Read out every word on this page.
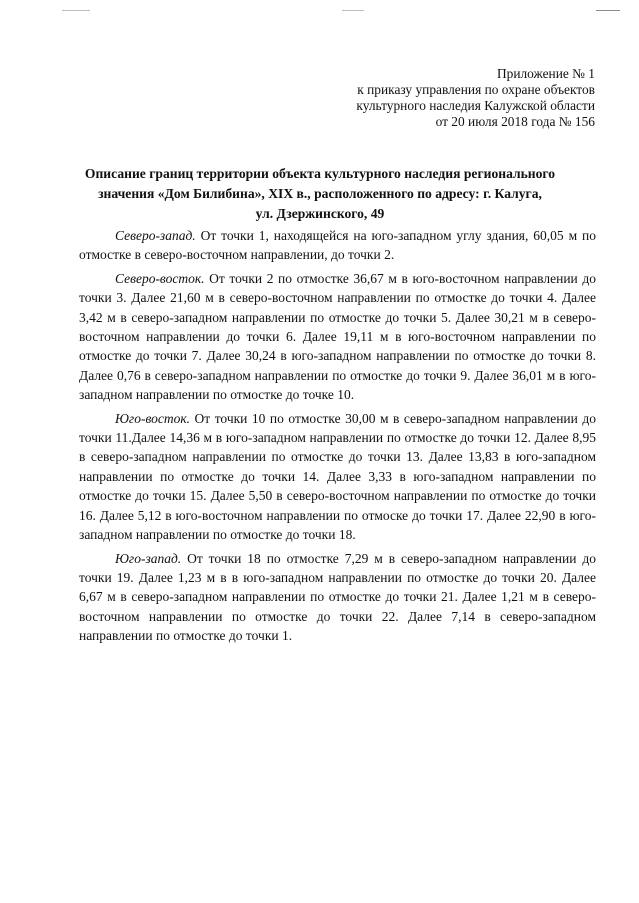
Приложение № 1
к приказу управления по охране объектов
культурного наследия Калужской области
от 20 июля 2018 года № 156
Описание границ территории объекта культурного наследия регионального
значения «Дом Билибина», XIX в., расположенного по адресу: г. Калуга,
ул. Дзержинского, 49

Северо-запад. От точки 1, находящейся на юго-западном углу здания, 60,05 м по отмостке в северо-восточном направлении, до точки 2.

Северо-восток. От точки 2 по отмостке 36,67 м в юго-восточном направлении до точки 3. Далее 21,60 м в северо-восточном направлении по отмостке до точки 4. Далее 3,42 м в северо-западном направлении по отмостке до точки 5. Далее 30,21 м в северо-восточном направлении до точки 6. Далее 19,11 м в юго-восточном направлении по отмостке до точки 7. Далее 30,24 в юго-западном направлении по отмостке до точки 8. Далее 0,76 в северо-западном направлении по отмостке до точки 9. Далее 36,01 м в юго-западном направлении по отмостке до точке 10.

Юго-восток. От точки 10 по отмостке 30,00 м в северо-западном направлении до точки 11.Далее 14,36 м в юго-западном направлении по отмостке до точки 12. Далее 8,95 в северо-западном направлении по отмостке до точки 13. Далее 13,83 в юго-западном направлении по отмостке до точки 14. Далее 3,33 в юго-западном направлении по отмостке до точки 15. Далее 5,50 в северо-восточном направлении по отмостке до точки 16. Далее 5,12 в юго-восточном направлении по отмоске до точки 17. Далее 22,90 в юго-западном направлении по отмостке до точки 18.

Юго-запад. От точки 18 по отмостке 7,29 м в северо-западном направлении до точки 19. Далее 1,23 м в в юго-западном направлении по отмостке до точки 20. Далее 6,67 м в северо-западном направлении по отмостке до точки 21. Далее 1,21 м в северо-восточном направлении по отмостке до точки 22. Далее 7,14 в северо-западном направлении по отмостке до точки 1.
